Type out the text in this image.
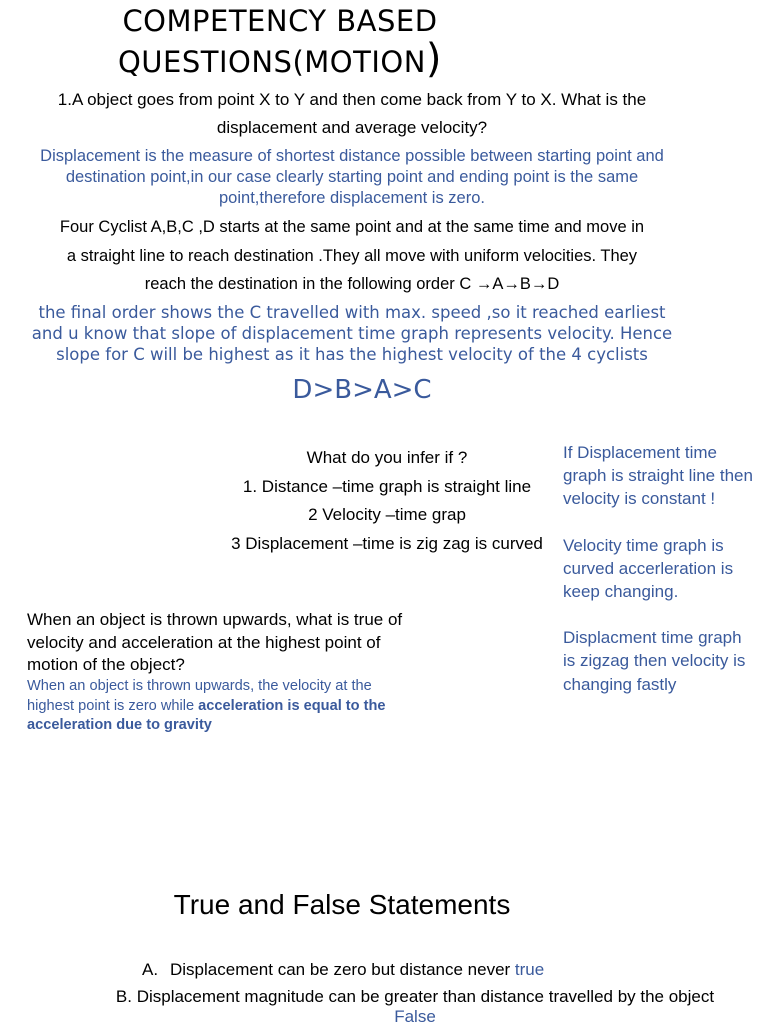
COMPETENCY BASED
QUESTIONS(MOTION)
1.A object goes from point X to Y and then come back from Y to X. What is the displacement and average velocity?
Displacement is the measure of shortest distance possible between starting point and destination point,in our case clearly starting point and ending point is the same point,therefore displacement is zero.
Four Cyclist A,B,C ,D starts at the same point and at the same time and move in
a straight line to reach destination .They all move with uniform velocities. They
reach the destination in the following order C →A→B→D
the final order shows the C travelled with max. speed ,so it reached earliest and u know that slope of displacement time graph represents velocity. Hence slope for C will be highest as it has the highest velocity of the 4 cyclists
D>B>A>C
What do you infer if ?
1. Distance –time graph is straight line
2 Velocity –time grap
3 Displacement –time is zig zag is curved

If Displacement time graph is straight line then velocity is constant !

Velocity time graph is curved accerleration is keep changing.

Displacment time graph is zigzag then velocity is changing fastly

When an object is thrown upwards, what is true of velocity and acceleration at the highest point of motion of the object?
When an object is thrown upwards, the velocity at the highest point is zero while acceleration is equal to the acceleration due to gravity
True and False Statements
A. Displacement can be zero but distance never true
B. Displacement magnitude can be greater than distance travelled by the object False
